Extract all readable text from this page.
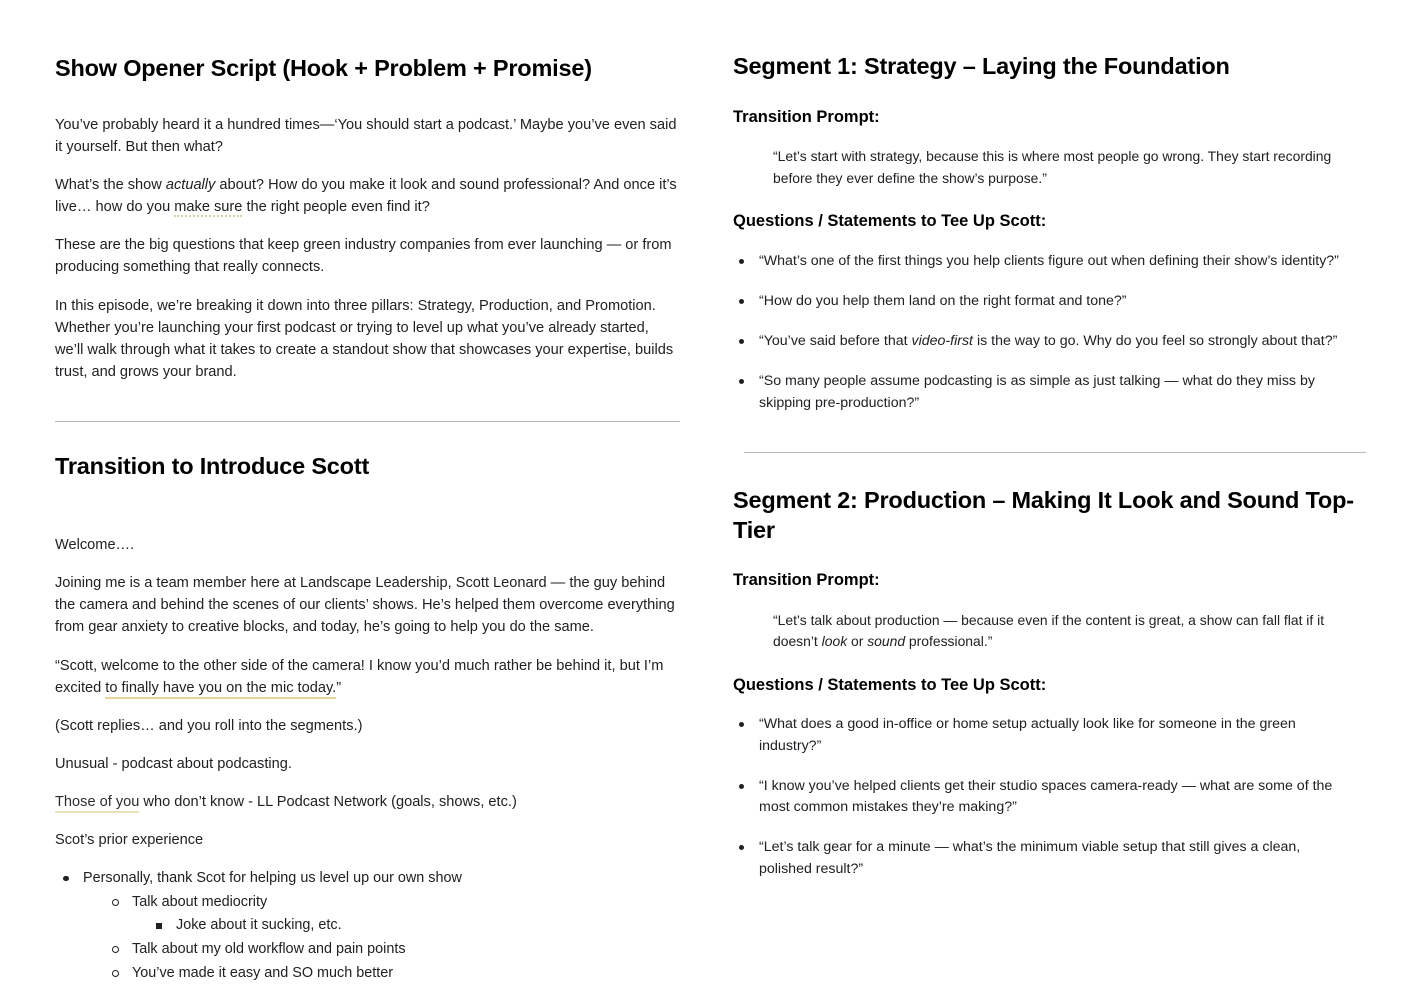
Show Opener Script (Hook + Problem + Promise)

You’ve probably heard it a hundred times—‘You should start a podcast.’ Maybe you’ve even said it yourself. But then what?

What’s the show actually about? How do you make it look and sound professional? And once it’s live… how do you make sure the right people even find it?

These are the big questions that keep green industry companies from ever launching — or from producing something that really connects.

In this episode, we’re breaking it down into three pillars: Strategy, Production, and Promotion. Whether you’re launching your first podcast or trying to level up what you’ve already started, we’ll walk through what it takes to create a standout show that showcases your expertise, builds trust, and grows your brand.

Transition to Introduce Scott

Welcome….

Joining me is a team member here at Landscape Leadership, Scott Leonard — the guy behind the camera and behind the scenes of our clients’ shows. He’s helped them overcome everything from gear anxiety to creative blocks, and today, he’s going to help you do the same.

“Scott, welcome to the other side of the camera! I know you’d much rather be behind it, but I’m excited to finally have you on the mic today.”

(Scott replies… and you roll into the segments.)

Unusual - podcast about podcasting.

Those of you who don’t know - LL Podcast Network (goals, shows, etc.)

Scot’s prior experience

Personally, thank Scot for helping us level up our own show
Talk about mediocrity
Joke about it sucking, etc.
Talk about my old workflow and pain points
You’ve made it easy and SO much better
Segment 1: Strategy – Laying the Foundation
Transition Prompt:

“Let’s start with strategy, because this is where most people go wrong. They start recording before they ever define the show’s purpose.”

Questions / Statements to Tee Up Scott:
“What’s one of the first things you help clients figure out when defining their show’s identity?”
“How do you help them land on the right format and tone?”
“You’ve said before that video-first is the way to go. Why do you feel so strongly about that?”
“So many people assume podcasting is as simple as just talking — what do they miss by skipping pre-production?”
Segment 2: Production – Making It Look and Sound Top-Tier
Transition Prompt:

“Let’s talk about production — because even if the content is great, a show can fall flat if it doesn’t look or sound professional.”

Questions / Statements to Tee Up Scott:
“What does a good in-office or home setup actually look like for someone in the green industry?”
“I know you’ve helped clients get their studio spaces camera-ready — what are some of the most common mistakes they’re making?”
“Let’s talk gear for a minute — what’s the minimum viable setup that still gives a clean, polished result?”
